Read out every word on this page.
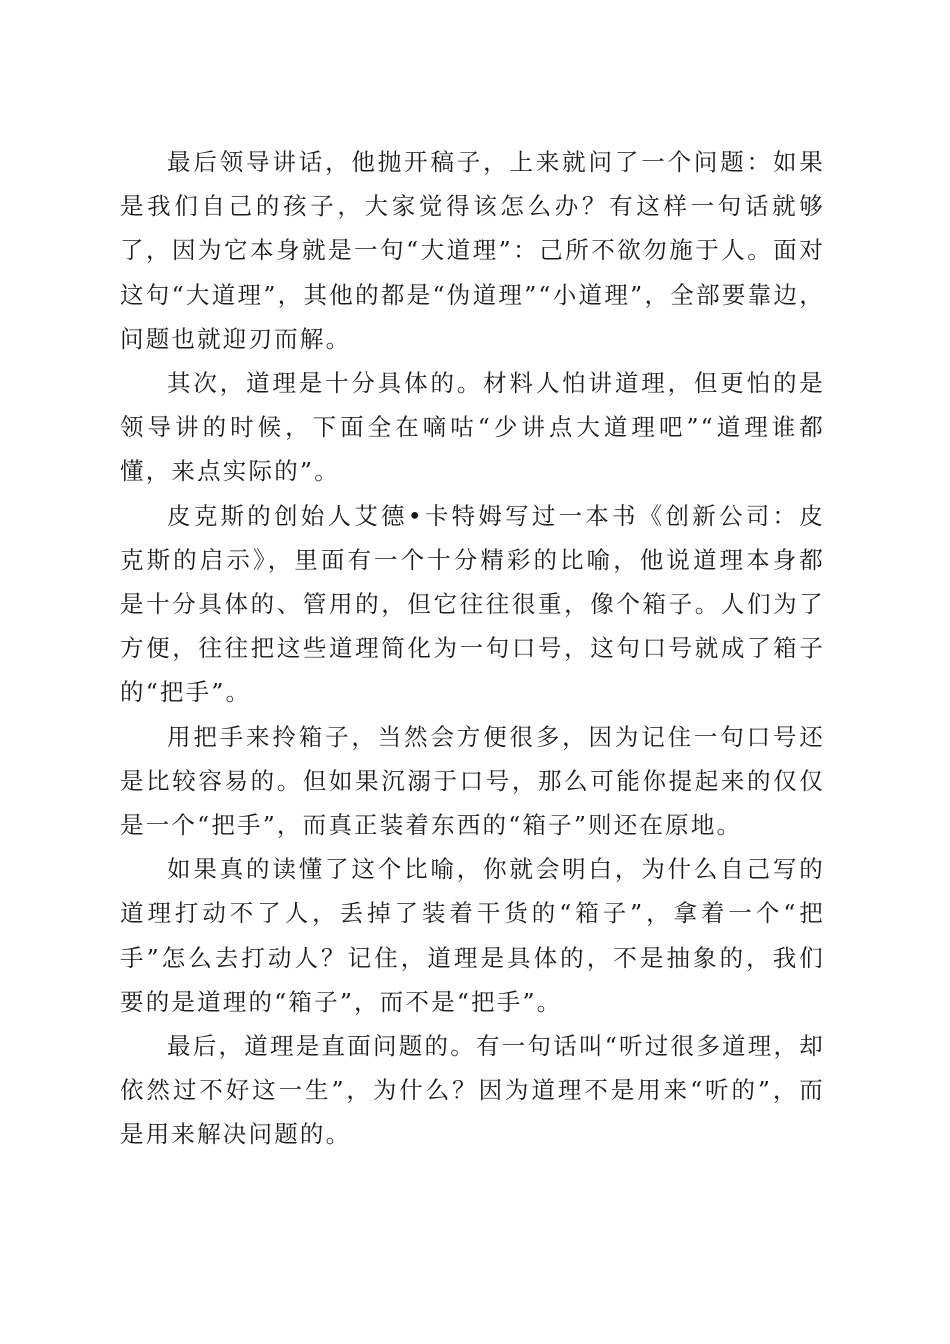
最后领导讲话，他抛开稿子，上来就问了一个问题：如果是我们自己的孩子，大家觉得该怎么办？有这样一句话就够了，因为它本身就是一句“大道理”：己所不欲勿施于人。面对这句“大道理”，其他的都是“伪道理”“小道理”，全部要靠边，问题也就迎刃而解。

其次，道理是十分具体的。材料人怕讲道理，但更怕的是领导讲的时候，下面全在嘀咕“少讲点大道理吧”“道理谁都懂，来点实际的”。

皮克斯的创始人艾德•卡特姆写过一本书《创新公司：皮克斯的启示》，里面有一个十分精彩的比喻，他说道理本身都是十分具体的、管用的，但它往往很重，像个箱子。人们为了方便，往往把这些道理简化为一句口号，这句口号就成了箱子的“把手”。

用把手来拎箱子，当然会方便很多，因为记住一句口号还是比较容易的。但如果沉溺于口号，那么可能你提起来的仅仅是一个“把手”，而真正装着东西的“箱子”则还在原地。

如果真的读懂了这个比喻，你就会明白，为什么自己写的道理打动不了人，丢掉了装着干货的“箱子”，拿着一个“把手”怎么去打动人？记住，道理是具体的，不是抽象的，我们要的是道理的“箱子”，而不是“把手”。

最后，道理是直面问题的。有一句话叫“听过很多道理，却依然过不好这一生”，为什么？因为道理不是用来“听的”，而是用来解决问题的。
